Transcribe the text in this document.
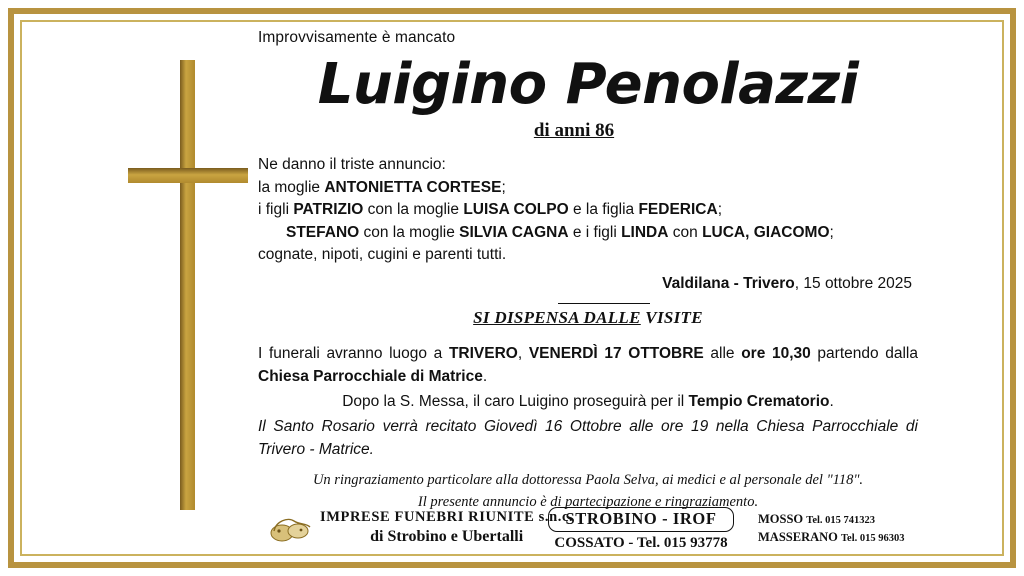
Improvvisamente è mancato
Luigino Penolazzi
di anni 86
Ne danno il triste annuncio:
la moglie ANTONIETTA CORTESE;
i figli PATRIZIO con la moglie LUISA COLPO e la figlia FEDERICA;
STEFANO con la moglie SILVIA CAGNA e i figli LINDA con LUCA, GIACOMO;
cognate, nipoti, cugini e parenti tutti.
Valdilana - Trivero, 15 ottobre 2025
SI DISPENSA DALLE VISITE
I funerali avranno luogo a TRIVERO, VENERDÌ 17 OTTOBRE alle ore 10,30 partendo dalla Chiesa Parrocchiale di Matrice.
Dopo la S. Messa, il caro Luigino proseguirà per il Tempio Crematorio.
Il Santo Rosario verrà recitato Giovedì 16 Ottobre alle ore 19 nella Chiesa Parrocchiale di Trivero - Matrice.
Un ringraziamento particolare alla dottoressa Paola Selva, ai medici e al personale del "118".
Il presente annuncio è di partecipazione e ringraziamento.
IMPRESE FUNEBRI RIUNITE s.n.c.
di Strobino e Ubertalli
STROBINO - IROF
COSSATO - Tel. 015 93778
MOSSO Tel. 015 741323
MASSERANO Tel. 015 96303
